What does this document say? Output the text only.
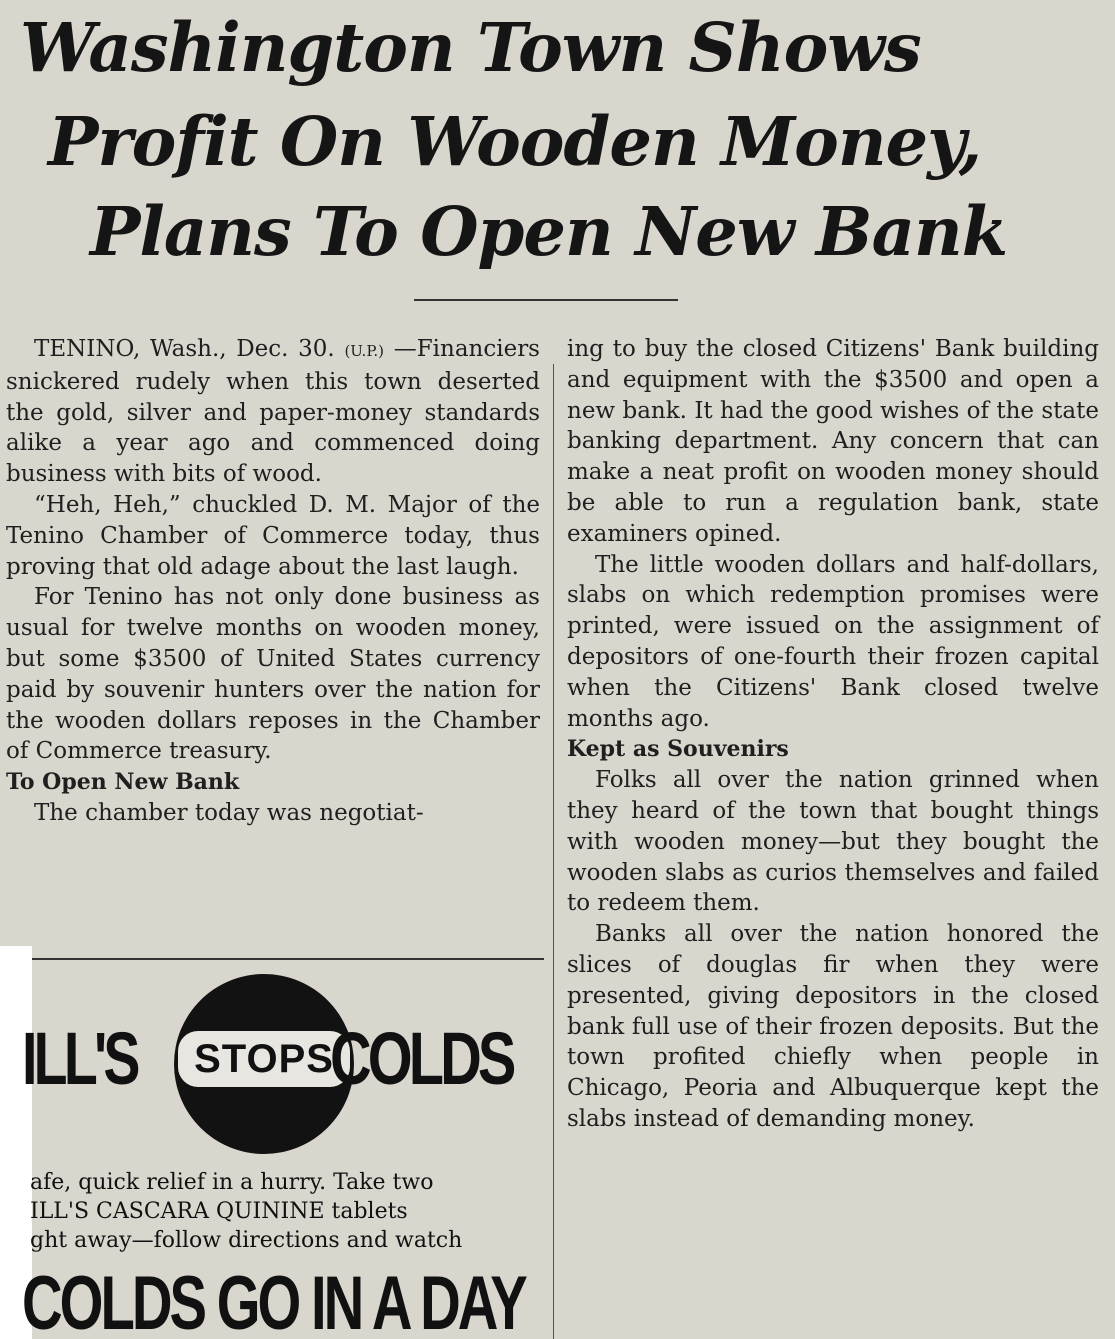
Washington Town Shows
Profit On Wooden Money,
Plans To Open New Bank

TENINO, Wash., Dec. 30. (U.P.) —Financiers snickered rudely when this town deserted the gold, silver and paper-money standards alike a year ago and commenced doing business with bits of wood.

“Heh, Heh,” chuckled D. M. Major of the Tenino Chamber of Commerce today, thus proving that old adage about the last laugh.

For Tenino has not only done business as usual for twelve months on wooden money, but some $3500 of United States currency paid by souvenir hunters over the nation for the wooden dollars reposes in the Chamber of Commerce treasury.

To Open New Bank

The chamber today was negotiat-

ing to buy the closed Citizens' Bank building and equipment with the $3500 and open a new bank. It had the good wishes of the state banking department. Any concern that can make a neat profit on wooden money should be able to run a regulation bank, state examiners opined.

The little wooden dollars and half-dollars, slabs on which redemption promises were printed, were issued on the assignment of depositors of one-fourth their frozen capital when the Citizens' Bank closed twelve months ago.

Kept as Souvenirs

Folks all over the nation grinned when they heard of the town that bought things with wooden money—but they bought the wooden slabs as curios themselves and failed to redeem them.

Banks all over the nation honored the slices of douglas fir when they were presented, giving depositors in the closed bank full use of their frozen deposits. But the town profited chiefly when people in Chicago, Peoria and Albuquerque kept the slabs instead of demanding money.

ILL'S	STOPS
COLDS
afe, quick relief in a hurry. Take two
ILL'S CASCARA QUININE tablets
ght away—follow directions and watch
COLDS GO IN A DAY
